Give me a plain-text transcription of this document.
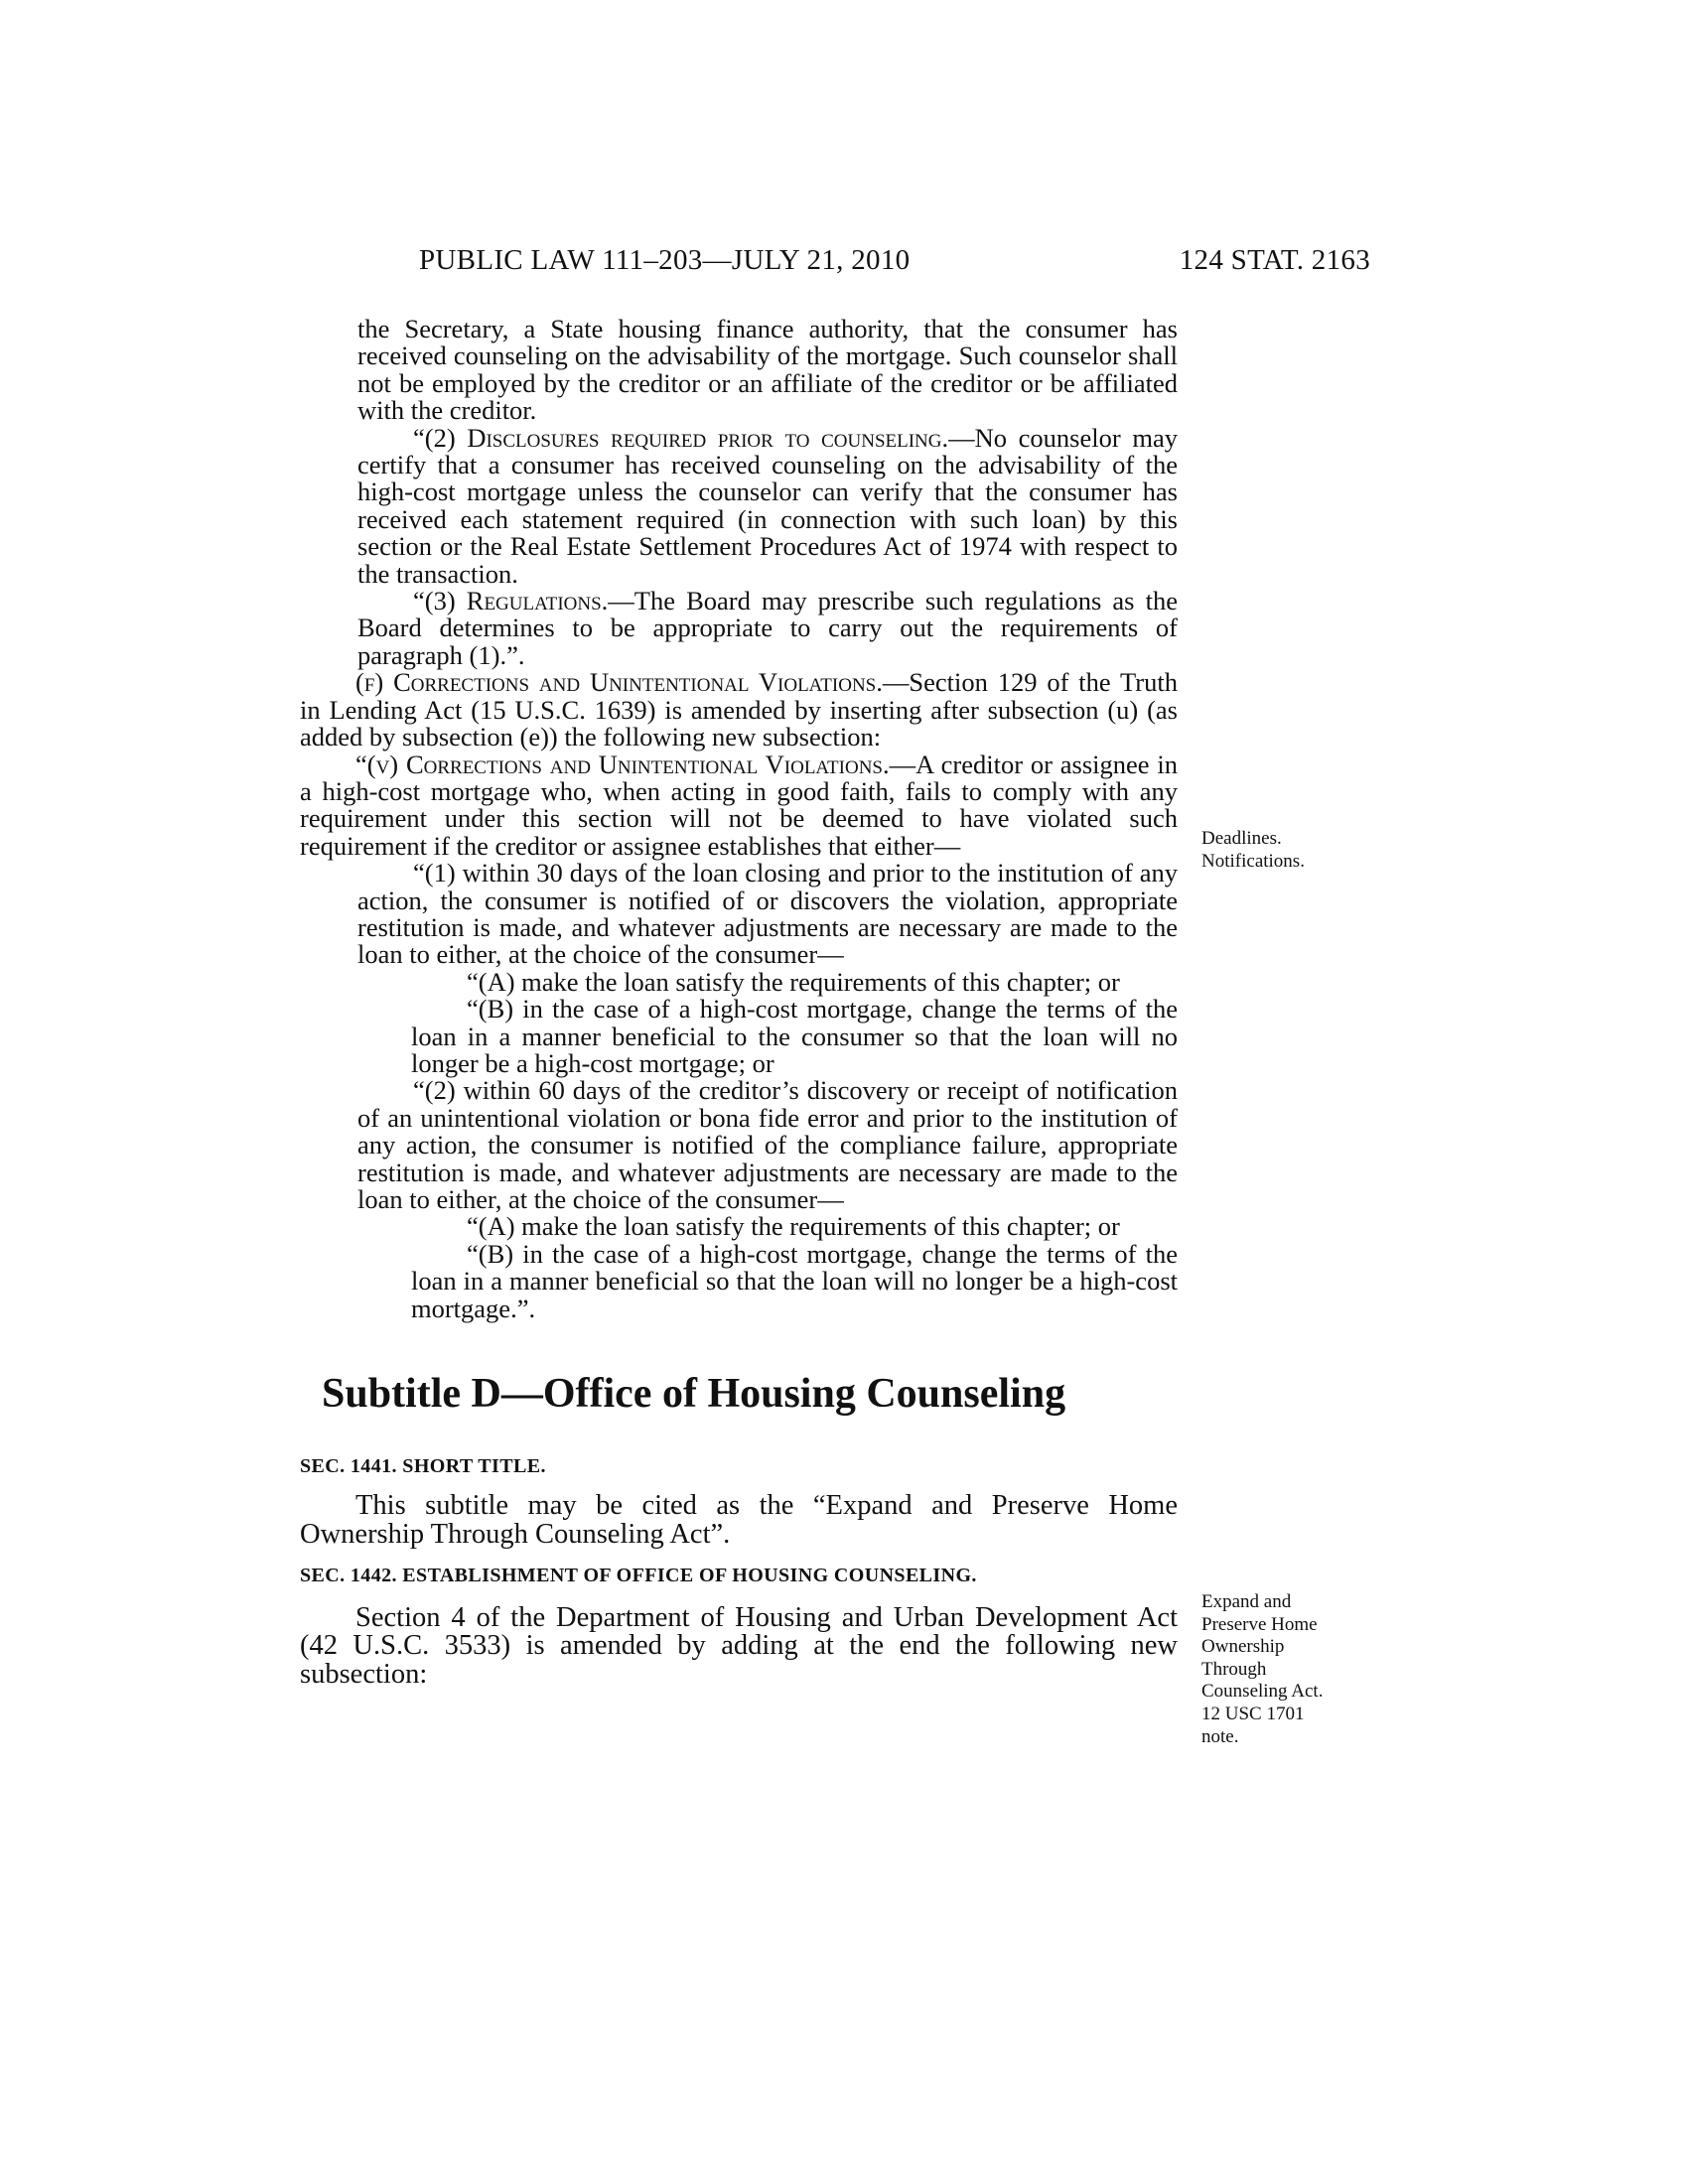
PUBLIC LAW 111–203—JULY 21, 2010	124 STAT. 2163

the Secretary, a State housing finance authority, that the consumer has received counseling on the advisability of the mortgage. Such counselor shall not be employed by the creditor or an affiliate of the creditor or be affiliated with the creditor.

“(2) Disclosures required prior to counseling.—No counselor may certify that a consumer has received counseling on the advisability of the high-cost mortgage unless the counselor can verify that the consumer has received each statement required (in connection with such loan) by this section or the Real Estate Settlement Procedures Act of 1974 with respect to the transaction.

“(3) Regulations.—The Board may prescribe such regulations as the Board determines to be appropriate to carry out the requirements of paragraph (1).”.

(f) Corrections and Unintentional Violations.—Section 129 of the Truth in Lending Act (15 U.S.C. 1639) is amended by inserting after subsection (u) (as added by subsection (e)) the following new subsection:

“(v) Corrections and Unintentional Violations.—A creditor or assignee in a high-cost mortgage who, when acting in good faith, fails to comply with any requirement under this section will not be deemed to have violated such requirement if the creditor or assignee establishes that either—

“(1) within 30 days of the loan closing and prior to the institution of any action, the consumer is notified of or discovers the violation, appropriate restitution is made, and whatever adjustments are necessary are made to the loan to either, at the choice of the consumer—

“(A) make the loan satisfy the requirements of this chapter; or

“(B) in the case of a high-cost mortgage, change the terms of the loan in a manner beneficial to the consumer so that the loan will no longer be a high-cost mortgage; or

“(2) within 60 days of the creditor’s discovery or receipt of notification of an unintentional violation or bona fide error and prior to the institution of any action, the consumer is notified of the compliance failure, appropriate restitution is made, and whatever adjustments are necessary are made to the loan to either, at the choice of the consumer—

“(A) make the loan satisfy the requirements of this chapter; or

“(B) in the case of a high-cost mortgage, change the terms of the loan in a manner beneficial so that the loan will no longer be a high-cost mortgage.”.

Subtitle D—Office of Housing Counseling

SEC. 1441. SHORT TITLE.

This subtitle may be cited as the “Expand and Preserve Home Ownership Through Counseling Act”.

SEC. 1442. ESTABLISHMENT OF OFFICE OF HOUSING COUNSELING.

Section 4 of the Department of Housing and Urban Development Act (42 U.S.C. 3533) is amended by adding at the end the following new subsection:

Deadlines.
Notifications.
Expand and
Preserve Home
Ownership
Through
Counseling Act.
12 USC 1701
note.
